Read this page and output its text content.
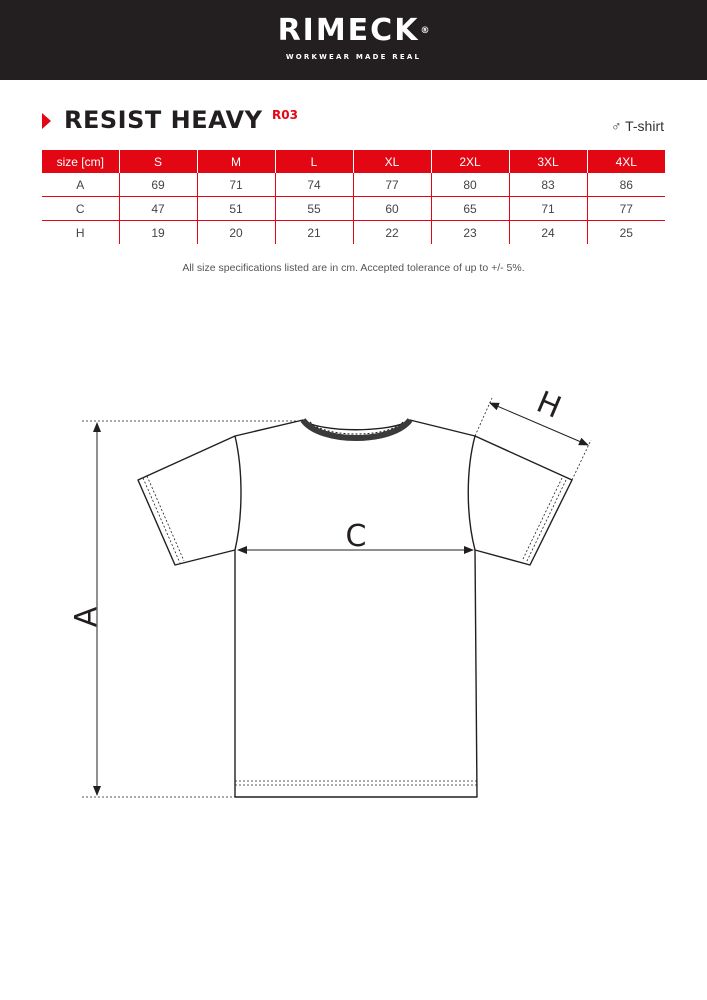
RIMECK®
WORKWEAR MADE REAL
RESIST HEAVY R03
♂ T-shirt
size [cm]	S	M	L	XL	2XL	3XL	4XL
A	69	71	74	77	80	83	86
C	47	51	55	60	65	71	77
H	19	20	21	22	23	24	25
All size specifications listed are in cm. Accepted tolerance of up to +/- 5%.
A
C
H
